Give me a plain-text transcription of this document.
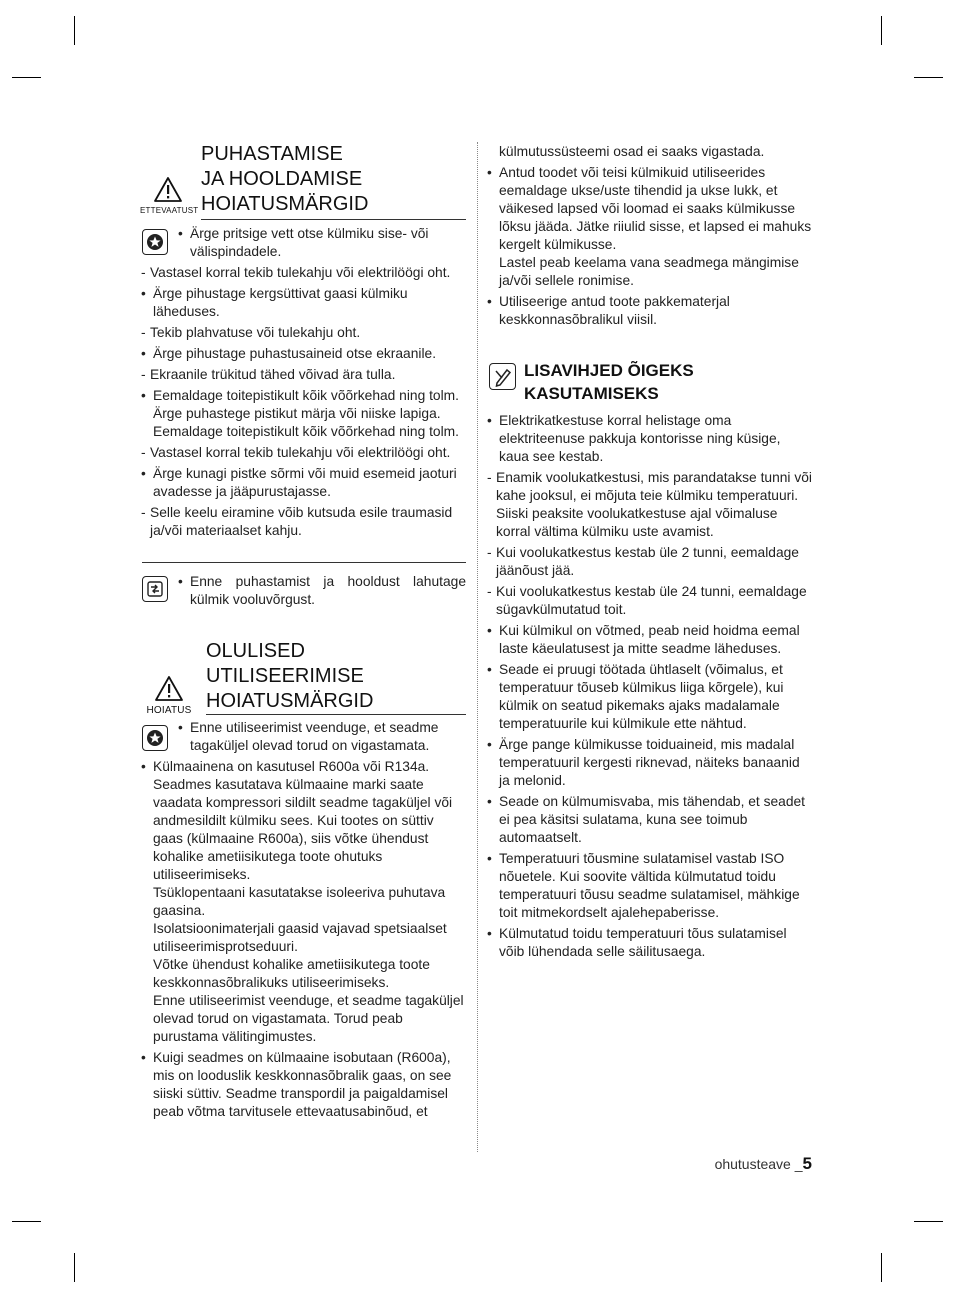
ETTEVAATUST
PUHASTAMISE
JA HOOLDAMISE
HOIATUSMÄRGID
• Ärge pritsige vett otse külmiku sise- või välispindadele.
- Vastasel korral tekib tulekahju või elektrilöögi oht.
• Ärge pihustage kergsüttivat gaasi külmiku läheduses.
- Tekib plahvatuse või tulekahju oht.
• Ärge pihustage puhastusaineid otse ekraanile.
- Ekraanile trükitud tähed võivad ära tulla.
• Eemaldage toitepistikult kõik võõrkehad ning tolm. Ärge puhastege pistikut märja või niiske lapiga. Eemaldage toitepistikult kõik võõrkehad ning tolm.
- Vastasel korral tekib tulekahju või elektrilöögi oht.
• Ärge kunagi pistke sõrmi või muid esemeid jaoturi avadesse ja jääpurustajasse.
- Selle keelu eiramine võib kutsuda esile traumasid ja/või materiaalset kahju.
• Enne puhastamist ja hooldust lahutage külmik vooluvõrgust.
HOIATUS
OLULISED
UTILISEERIMISE
HOIATUSMÄRGID
• Enne utiliseerimist veenduge, et seadme tagaküljel olevad torud on vigastamata.
• Külmaainena on kasutusel R600a või R134a. Seadmes kasutatava külmaaine marki saate vaadata kompressori sildilt seadme tagaküljel või andmesildilt külmiku sees. Kui tootes on süttiv gaas (külmaaine R600a), siis võtke ühendust kohalike ametiisikutega toote ohutuks utiliseerimiseks.
Tsüklopentaani kasutatakse isoleeriva puhutava gaasina.
Isolatsioonimaterjali gaasid vajavad spetsiaalset utiliseerimisprotseduuri.
Võtke ühendust kohalike ametiisikutega toote keskkonnasõbralikuks utiliseerimiseks.
Enne utiliseerimist veenduge, et seadme tagaküljel olevad torud on vigastamata. Torud peab purustama välitingimustes.
• Kuigi seadmes on külmaaine isobutaan (R600a), mis on looduslik keskkonnasõbralik gaas, on see siiski süttiv. Seadme transpordil ja paigaldamisel peab võtma tarvitusele ettevaatusabinõud, et
külmutussüsteemi osad ei saaks vigastada.
• Antud toodet või teisi külmikuid utiliseerides eemaldage ukse/uste tihendid ja ukse lukk, et väikesed lapsed või loomad ei saaks külmikusse lõksu jääda. Jätke riiulid sisse, et lapsed ei mahuks kergelt külmikusse.
Lastel peab keelama vana seadmega mängimise ja/või sellele ronimise.
• Utiliseerige antud toote pakkematerjal keskkonnasõbralikul viisil.
LISAVIHJED ÕIGEKS
KASUTAMISEKS
• Elektrikatkestuse korral helistage oma elektriteenuse pakkuja kontorisse ning küsige, kaua see kestab.
- Enamik voolukatkestusi, mis parandatakse tunni või kahe jooksul, ei mõjuta teie külmiku temperatuuri. Siiski peaksite voolukatkestuse ajal võimaluse korral vältima külmiku uste avamist.
- Kui voolukatkestus kestab üle 2 tunni, eemaldage jäänõust jää.
- Kui voolukatkestus kestab üle 24 tunni, eemaldage sügavkülmutatud toit.
• Kui külmikul on võtmed, peab neid hoidma eemal laste käeulatusest ja mitte seadme läheduses.
• Seade ei pruugi töötada ühtlaselt (võimalus, et temperatuur tõuseb külmikus liiga kõrgele), kui külmik on seatud pikemaks ajaks madalamale temperatuurile kui külmikule ette nähtud.
• Ärge pange külmikusse toiduaineid, mis madalal temperatuuril kergesti riknevad, näiteks banaanid ja melonid.
• Seade on külmumisvaba, mis tähendab, et seadet ei pea käsitsi sulatama, kuna see toimub automaatselt.
• Temperatuuri tõusmine sulatamisel vastab ISO nõuetele. Kui soovite vältida külmutatud toidu temperatuuri tõusu seadme sulatamisel, mähkige toit mitmekordselt ajalehepaberisse.
• Külmutatud toidu temperatuuri tõus sulatamisel võib lühendada selle säilitusaega.
ohutusteave _5
